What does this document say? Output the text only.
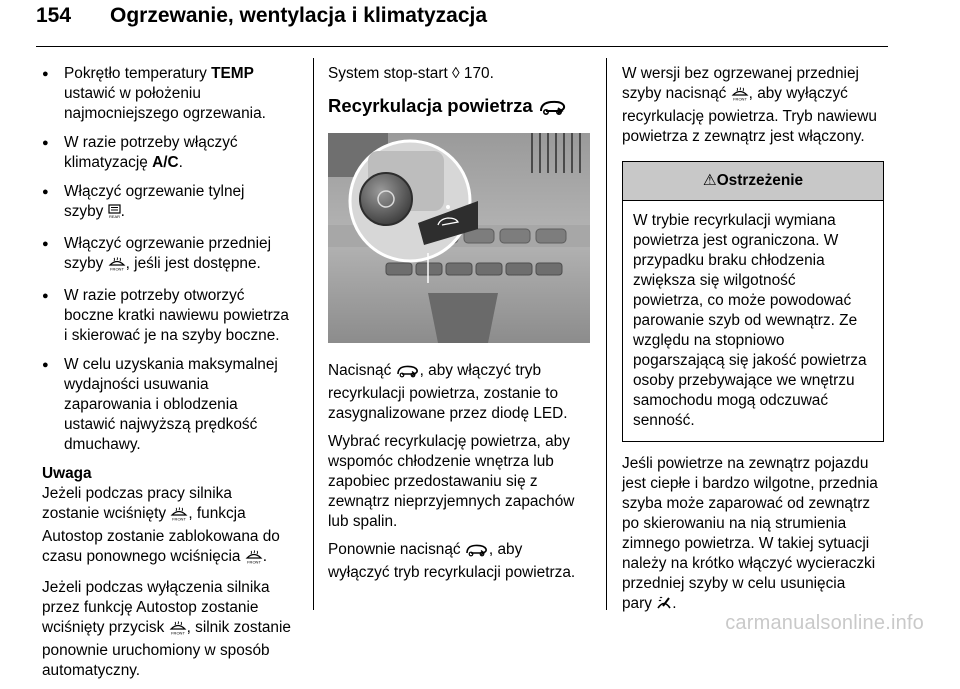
154 Ogrzewanie, wentylacja i klimatyzacja
● Pokrętło temperatury TEMP
ustawić w położeniu
najmocniejszego ogrzewania.
● W razie potrzeby włączyć
klimatyzację A/C.
● Włączyć ogrzewanie tylnej
szyby REAR .
● Włączyć ogrzewanie przedniej
szyby FRONT , jeśli jest dostępne.
● W razie potrzeby otworzyć
boczne kratki nawiewu powietrza
i skierować je na szyby boczne.
● W celu uzyskania maksymalnej
wydajności usuwania
zaparowania i oblodzenia
ustawić najwyższą prędkość
dmuchawy.
Uwaga

Jeżeli podczas pracy silnika
zostanie wciśnięty FRONT , funkcja
Autostop zostanie zablokowana do
czasu ponownego wciśnięcia FRONT .

Jeżeli podczas wyłączenia silnika
przez funkcję Autostop zostanie
wciśnięty przycisk FRONT , silnik zostanie
ponownie uruchomiony w sposób
automatyczny.

System stop-start ◊ 170.

Recyrkulacja powietrza

Nacisnąć , aby włączyć tryb
recyrkulacji powietrza, zostanie to
zasygnalizowane przez diodę LED.

Wybrać recyrkulację powietrza, aby
wspomóc chłodzenie wnętrza lub
zapobiec przedostawaniu się z
zewnątrz nieprzyjemnych zapachów
lub spalin.

Ponownie nacisnąć , aby
wyłączyć tryb recyrkulacji powietrza.

W wersji bez ogrzewanej przedniej
szyby nacisnąć FRONT , aby wyłączyć
recyrkulację powietrza. Tryb nawiewu
powietrza z zewnątrz jest włączony.

⚠ Ostrzeżenie
W trybie recyrkulacji wymiana
powietrza jest ograniczona. W
przypadku braku chłodzenia
zwiększa się wilgotność
powietrza, co może powodować
parowanie szyb od wewnątrz. Ze
względu na stopniowo
pogarszającą się jakość powietrza
osoby przebywające we wnętrzu
samochodu mogą odczuwać
senność.

Jeśli powietrze na zewnątrz pojazdu
jest ciepłe i bardzo wilgotne, przednia
szyba może zaparować od zewnątrz
po skierowaniu na nią strumienia
zimnego powietrza. W takiej sytuacji
należy na krótko włączyć wycieraczki
przedniej szyby w celu usunięcia
pary .

carmanualsonline.info
